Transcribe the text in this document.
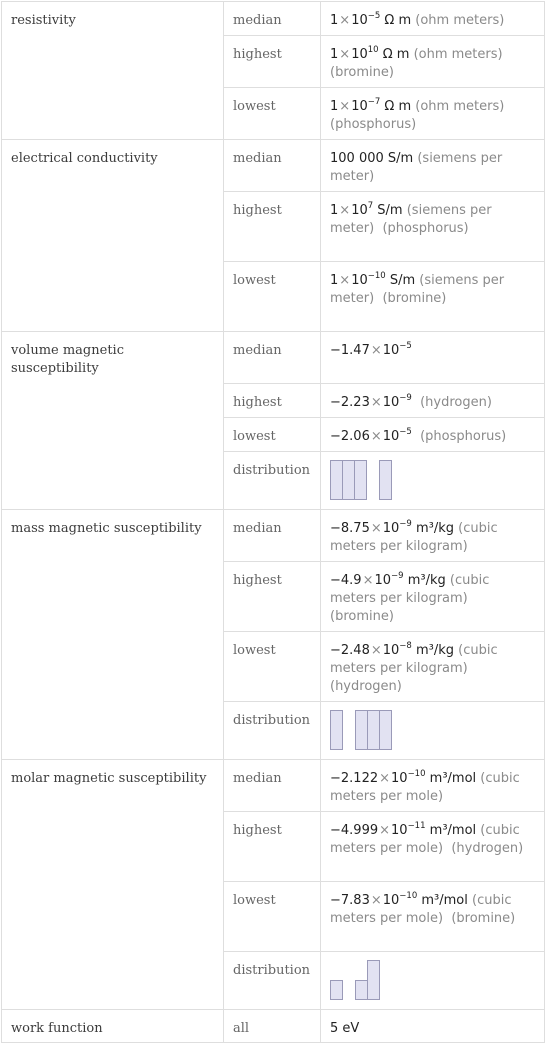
resistivity	median	$1\times 10^{-5}$ Ω m (ohm meters)
	highest	$1\times 10^{10}$ Ω m (ohm meters)  (bromine)
	lowest	$1\times 10^{-7}$ Ω m (ohm meters)  (phosphorus)
electrical conductivity	median	100 000 S/m (siemens per meter)
	highest	$1\times 10^7$ S/m (siemens per meter) (phosphorus)
	lowest	$1\times 10^{-10}$ S/m (siemens per meter) (bromine)
volume magnetic susceptibility	median	$-1.47\times 10^{-5}$
	highest	$-2.23\times 10^{-9}$ (hydrogen)
	lowest	$-2.06\times 10^{-5}$ (phosphorus)
	distribution	

mass magnetic susceptibility	median	$-8.75\times 10^{-9}$ m³/kg (cubic meters per kilogram)
	highest	$-4.9\times 10^{-9}$ m³/kg (cubic meters per kilogram)  (bromine)
	lowest	$-2.48\times 10^{-8}$ m³/kg (cubic meters per kilogram)  (hydrogen)
	distribution	

molar magnetic susceptibility	median	$-2.122\times 10^{-10}$ m³/mol (cubic meters per mole)
	highest	$-4.999\times 10^{-11}$ m³/mol (cubic meters per mole) (hydrogen)
	lowest	$-7.83\times 10^{-10}$ m³/mol (cubic meters per mole) (bromine)
	distribution	

work function	all	5 eV
